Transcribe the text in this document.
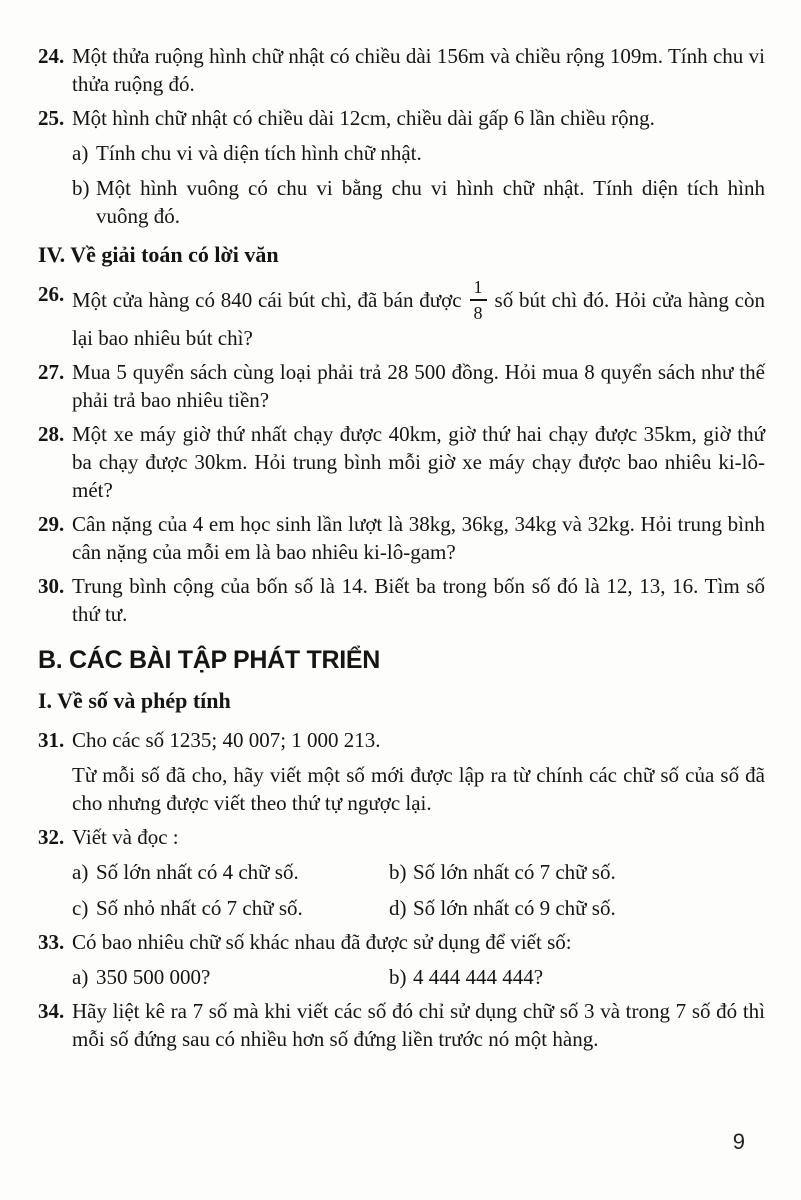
24. Một thửa ruộng hình chữ nhật có chiều dài 156m và chiều rộng 109m. Tính chu vi thửa ruộng đó.
25. Một hình chữ nhật có chiều dài 12cm, chiều dài gấp 6 lần chiều rộng.
a) Tính chu vi và diện tích hình chữ nhật.
b) Một hình vuông có chu vi bằng chu vi hình chữ nhật. Tính diện tích hình vuông đó.
IV. Về giải toán có lời văn
26. Một cửa hàng có 840 cái bút chì, đã bán được $\frac{1}{8}$ số bút chì đó. Hỏi cửa hàng còn lại bao nhiêu bút chì?
27. Mua 5 quyển sách cùng loại phải trả 28 500 đồng. Hỏi mua 8 quyển sách như thế phải trả bao nhiêu tiền?
28. Một xe máy giờ thứ nhất chạy được 40km, giờ thứ hai chạy được 35km, giờ thứ ba chạy được 30km. Hỏi trung bình mỗi giờ xe máy chạy được bao nhiêu ki-lô-mét?
29. Cân nặng của 4 em học sinh lần lượt là 38kg, 36kg, 34kg và 32kg. Hỏi trung bình cân nặng của mỗi em là bao nhiêu ki-lô-gam?
30. Trung bình cộng của bốn số là 14. Biết ba trong bốn số đó là 12, 13, 16. Tìm số thứ tư.
B. CÁC BÀI TẬP PHÁT TRIỂN
I. Về số và phép tính
31. Cho các số 1235; 40 007; 1 000 213.
Từ mỗi số đã cho, hãy viết một số mới được lập ra từ chính các chữ số của số đã cho nhưng được viết theo thứ tự ngược lại.
32. Viết và đọc :
a) Số lớn nhất có 4 chữ số.	b) Số lớn nhất có 7 chữ số.
c) Số nhỏ nhất có 7 chữ số.	d) Số lớn nhất có 9 chữ số.
33. Có bao nhiêu chữ số khác nhau đã được sử dụng để viết số:
a) 350 500 000?	b) 4 444 444 444?
34. Hãy liệt kê ra 7 số mà khi viết các số đó chỉ sử dụng chữ số 3 và trong 7 số đó thì mỗi số đứng sau có nhiều hơn số đứng liền trước nó một hàng.
9
